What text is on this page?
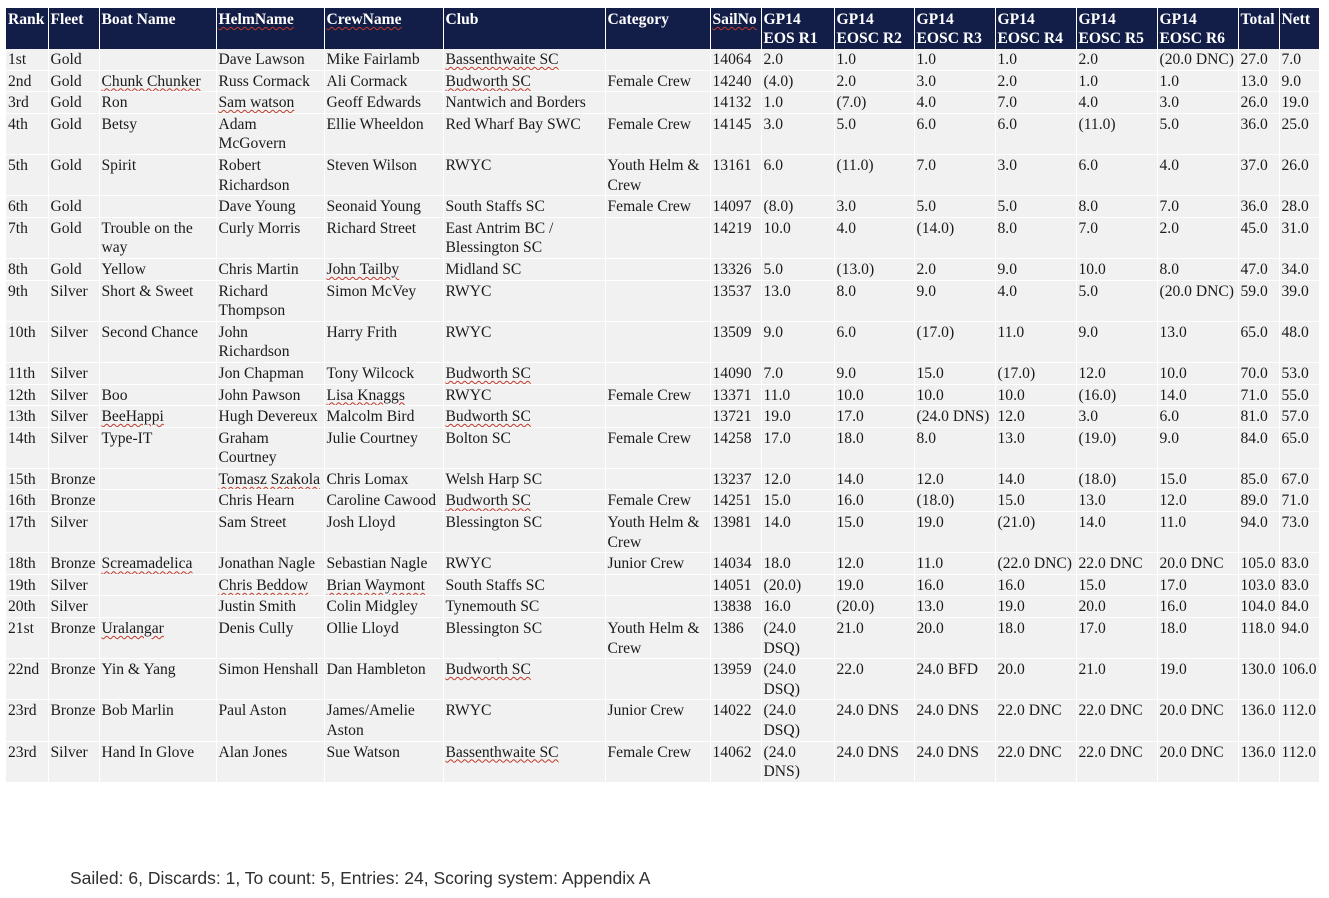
Rank	Fleet	Boat Name	HelmName	CrewName	Club	Category	SailNo	GP14 EOS R1	GP14 EOSC R2	GP14 EOSC R3	GP14 EOSC R4	GP14 EOSC R5	GP14 EOSC R6	Total	Nett
1st	Gold		Dave Lawson	Mike Fairlamb	Bassenthwaite SC		14064	2.0	1.0	1.0	1.0	2.0	(20.0 DNC)	27.0	7.0
2nd	Gold	Chunk Chunker	Russ Cormack	Ali Cormack	Budworth SC	Female Crew	14240	(4.0)	2.0	3.0	2.0	1.0	1.0	13.0	9.0
3rd	Gold	Ron	Sam watson	Geoff Edwards	Nantwich and Borders		14132	1.0	(7.0)	4.0	7.0	4.0	3.0	26.0	19.0
4th	Gold	Betsy	Adam McGovern	Ellie Wheeldon	Red Wharf Bay SWC	Female Crew	14145	3.0	5.0	6.0	6.0	(11.0)	5.0	36.0	25.0
5th	Gold	Spirit	Robert Richardson	Steven Wilson	RWYC	Youth Helm & Crew	13161	6.0	(11.0)	7.0	3.0	6.0	4.0	37.0	26.0
6th	Gold		Dave Young	Seonaid Young	South Staffs SC	Female Crew	14097	(8.0)	3.0	5.0	5.0	8.0	7.0	36.0	28.0
7th	Gold	Trouble on the way	Curly Morris	Richard Street	East Antrim BC / Blessington SC		14219	10.0	4.0	(14.0)	8.0	7.0	2.0	45.0	31.0
8th	Gold	Yellow	Chris Martin	John Tailby	Midland SC		13326	5.0	(13.0)	2.0	9.0	10.0	8.0	47.0	34.0
9th	Silver	Short & Sweet	Richard Thompson	Simon McVey	RWYC		13537	13.0	8.0	9.0	4.0	5.0	(20.0 DNC)	59.0	39.0
10th	Silver	Second Chance	John Richardson	Harry Frith	RWYC		13509	9.0	6.0	(17.0)	11.0	9.0	13.0	65.0	48.0
11th	Silver		Jon Chapman	Tony Wilcock	Budworth SC		14090	7.0	9.0	15.0	(17.0)	12.0	10.0	70.0	53.0
12th	Silver	Boo	John Pawson	Lisa Knaggs	RWYC	Female Crew	13371	11.0	10.0	10.0	10.0	(16.0)	14.0	71.0	55.0
13th	Silver	BeeHappi	Hugh Devereux	Malcolm Bird	Budworth SC		13721	19.0	17.0	(24.0 DNS)	12.0	3.0	6.0	81.0	57.0
14th	Silver	Type-IT	Graham Courtney	Julie Courtney	Bolton SC	Female Crew	14258	17.0	18.0	8.0	13.0	(19.0)	9.0	84.0	65.0
15th	Bronze		Tomasz Szakola	Chris Lomax	Welsh Harp SC		13237	12.0	14.0	12.0	14.0	(18.0)	15.0	85.0	67.0
16th	Bronze		Chris Hearn	Caroline Cawood	Budworth SC	Female Crew	14251	15.0	16.0	(18.0)	15.0	13.0	12.0	89.0	71.0
17th	Silver		Sam Street	Josh Lloyd	Blessington SC	Youth Helm & Crew	13981	14.0	15.0	19.0	(21.0)	14.0	11.0	94.0	73.0
18th	Bronze	Screamadelica	Jonathan Nagle	Sebastian Nagle	RWYC	Junior Crew	14034	18.0	12.0	11.0	(22.0 DNC)	22.0 DNC	20.0 DNC	105.0	83.0
19th	Silver		Chris Beddow	Brian Waymont	South Staffs SC		14051	(20.0)	19.0	16.0	16.0	15.0	17.0	103.0	83.0
20th	Silver		Justin Smith	Colin Midgley	Tynemouth SC		13838	16.0	(20.0)	13.0	19.0	20.0	16.0	104.0	84.0
21st	Bronze	Uralangar	Denis Cully	Ollie Lloyd	Blessington SC	Youth Helm & Crew	1386	(24.0 DSQ)	21.0	20.0	18.0	17.0	18.0	118.0	94.0
22nd	Bronze	Yin & Yang	Simon Henshall	Dan Hambleton	Budworth SC		13959	(24.0 DSQ)	22.0	24.0 BFD	20.0	21.0	19.0	130.0	106.0
23rd	Bronze	Bob Marlin	Paul Aston	James/Amelie Aston	RWYC	Junior Crew	14022	(24.0 DSQ)	24.0 DNS	24.0 DNS	22.0 DNC	22.0 DNC	20.0 DNC	136.0	112.0
23rd	Silver	Hand In Glove	Alan Jones	Sue Watson	Bassenthwaite SC	Female Crew	14062	(24.0 DNS)	24.0 DNS	24.0 DNS	22.0 DNC	22.0 DNC	20.0 DNC	136.0	112.0
Sailed: 6, Discards: 1, To count: 5, Entries: 24, Scoring system: Appendix A
